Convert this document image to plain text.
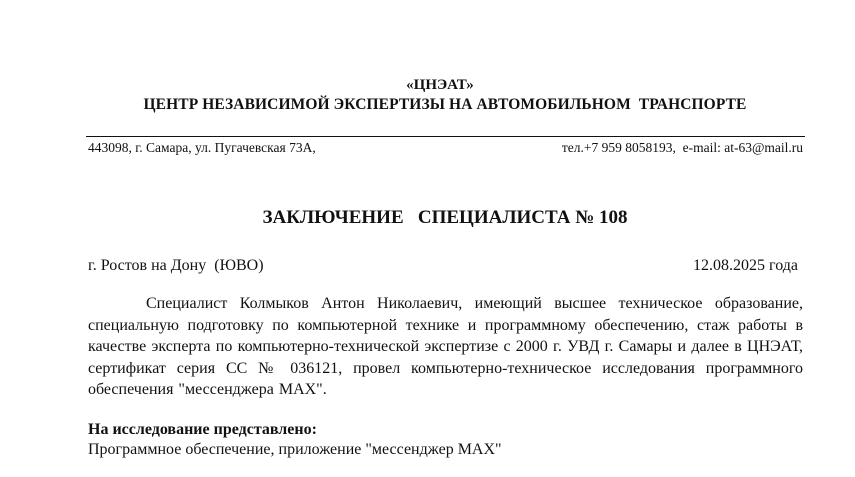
«ЦНЭАТ»
ЦЕНТР НЕЗАВИСИМОЙ ЭКСПЕРТИЗЫ НА АВТОМОБИЛЬНОМ  ТРАНСПОРТЕ
443098, г. Самара, ул. Пугачевская 73А,	тел.+7 959 8058193,  e-mail: at-63@mail.ru
ЗАКЛЮЧЕНИЕ   СПЕЦИАЛИСТА № 108
г. Ростов на Дону  (ЮВО)	12.08.2025 года
Специалист Колмыков Антон Николаевич, имеющий высшее техническое образование, специальную подготовку по компьютерной технике и программному обеспечению, стаж работы в качестве эксперта по компьютерно-технической экспертизе с 2000 г. УВД г. Самары и далее в ЦНЭАТ, сертификат серия СС № 036121, провел компьютерно-техническое исследования программного обеспечения "мессенджера MAX".
На исследование представлено:
Программное обеспечение, приложение "мессенджер MAX"
